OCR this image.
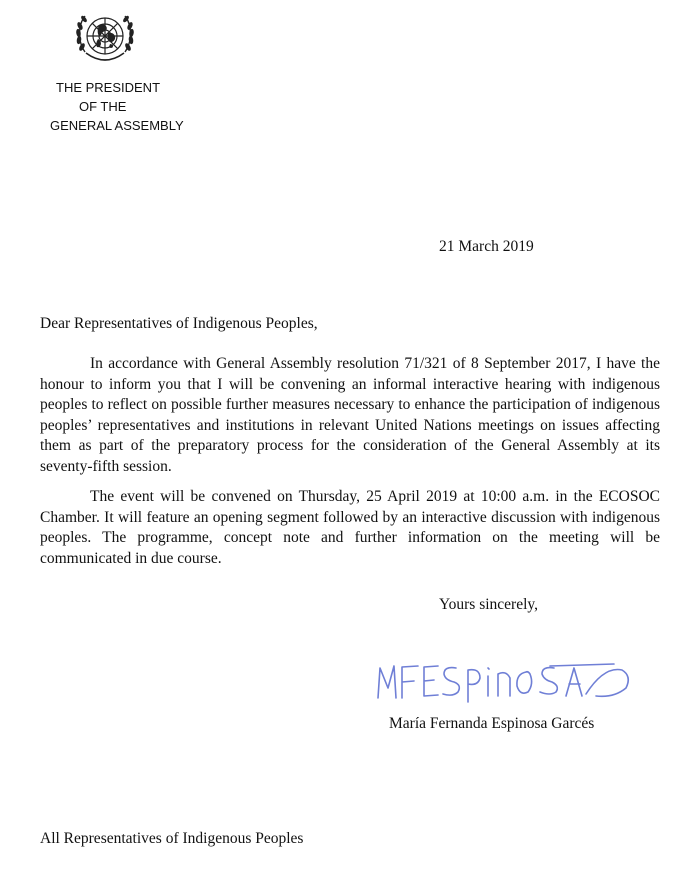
THE PRESIDENT
OF THE
GENERAL ASSEMBLY
21 March 2019
Dear Representatives of Indigenous Peoples,

In accordance with General Assembly resolution 71/321 of 8 September 2017, I have the honour to inform you that I will be convening an informal interactive hearing with indigenous peoples to reflect on possible further measures necessary to enhance the participation of indigenous peoples’ representatives and institutions in relevant United Nations meetings on issues affecting them as part of the preparatory process for the consideration of the General Assembly at its seventy-fifth session.

The event will be convened on Thursday, 25 April 2019 at 10:00 a.m. in the ECOSOC Chamber. It will feature an opening segment followed by an interactive discussion with indigenous peoples. The programme, concept note and further information on the meeting will be communicated in due course.

Yours sincerely,
María Fernanda Espinosa Garcés
All Representatives of Indigenous Peoples
